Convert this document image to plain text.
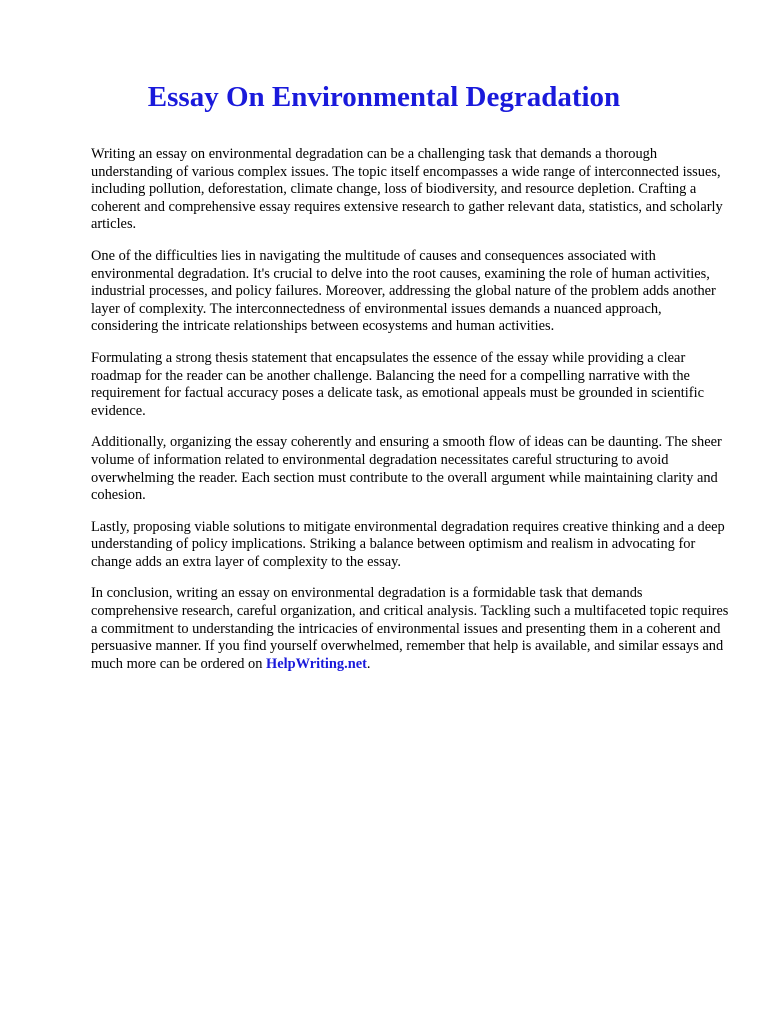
Essay On Environmental Degradation

Writing an essay on environmental degradation can be a challenging task that demands a thorough understanding of various complex issues. The topic itself encompasses a wide range of interconnected issues, including pollution, deforestation, climate change, loss of biodiversity, and resource depletion. Crafting a coherent and comprehensive essay requires extensive research to gather relevant data, statistics, and scholarly articles.

One of the difficulties lies in navigating the multitude of causes and consequences associated with environmental degradation. It's crucial to delve into the root causes, examining the role of human activities, industrial processes, and policy failures. Moreover, addressing the global nature of the problem adds another layer of complexity. The interconnectedness of environmental issues demands a nuanced approach, considering the intricate relationships between ecosystems and human activities.

Formulating a strong thesis statement that encapsulates the essence of the essay while providing a clear roadmap for the reader can be another challenge. Balancing the need for a compelling narrative with the requirement for factual accuracy poses a delicate task, as emotional appeals must be grounded in scientific evidence.

Additionally, organizing the essay coherently and ensuring a smooth flow of ideas can be daunting. The sheer volume of information related to environmental degradation necessitates careful structuring to avoid overwhelming the reader. Each section must contribute to the overall argument while maintaining clarity and cohesion.

Lastly, proposing viable solutions to mitigate environmental degradation requires creative thinking and a deep understanding of policy implications. Striking a balance between optimism and realism in advocating for change adds an extra layer of complexity to the essay.

In conclusion, writing an essay on environmental degradation is a formidable task that demands comprehensive research, careful organization, and critical analysis. Tackling such a multifaceted topic requires a commitment to understanding the intricacies of environmental issues and presenting them in a coherent and persuasive manner. If you find yourself overwhelmed, remember that help is available, and similar essays and much more can be ordered on HelpWriting.net.
